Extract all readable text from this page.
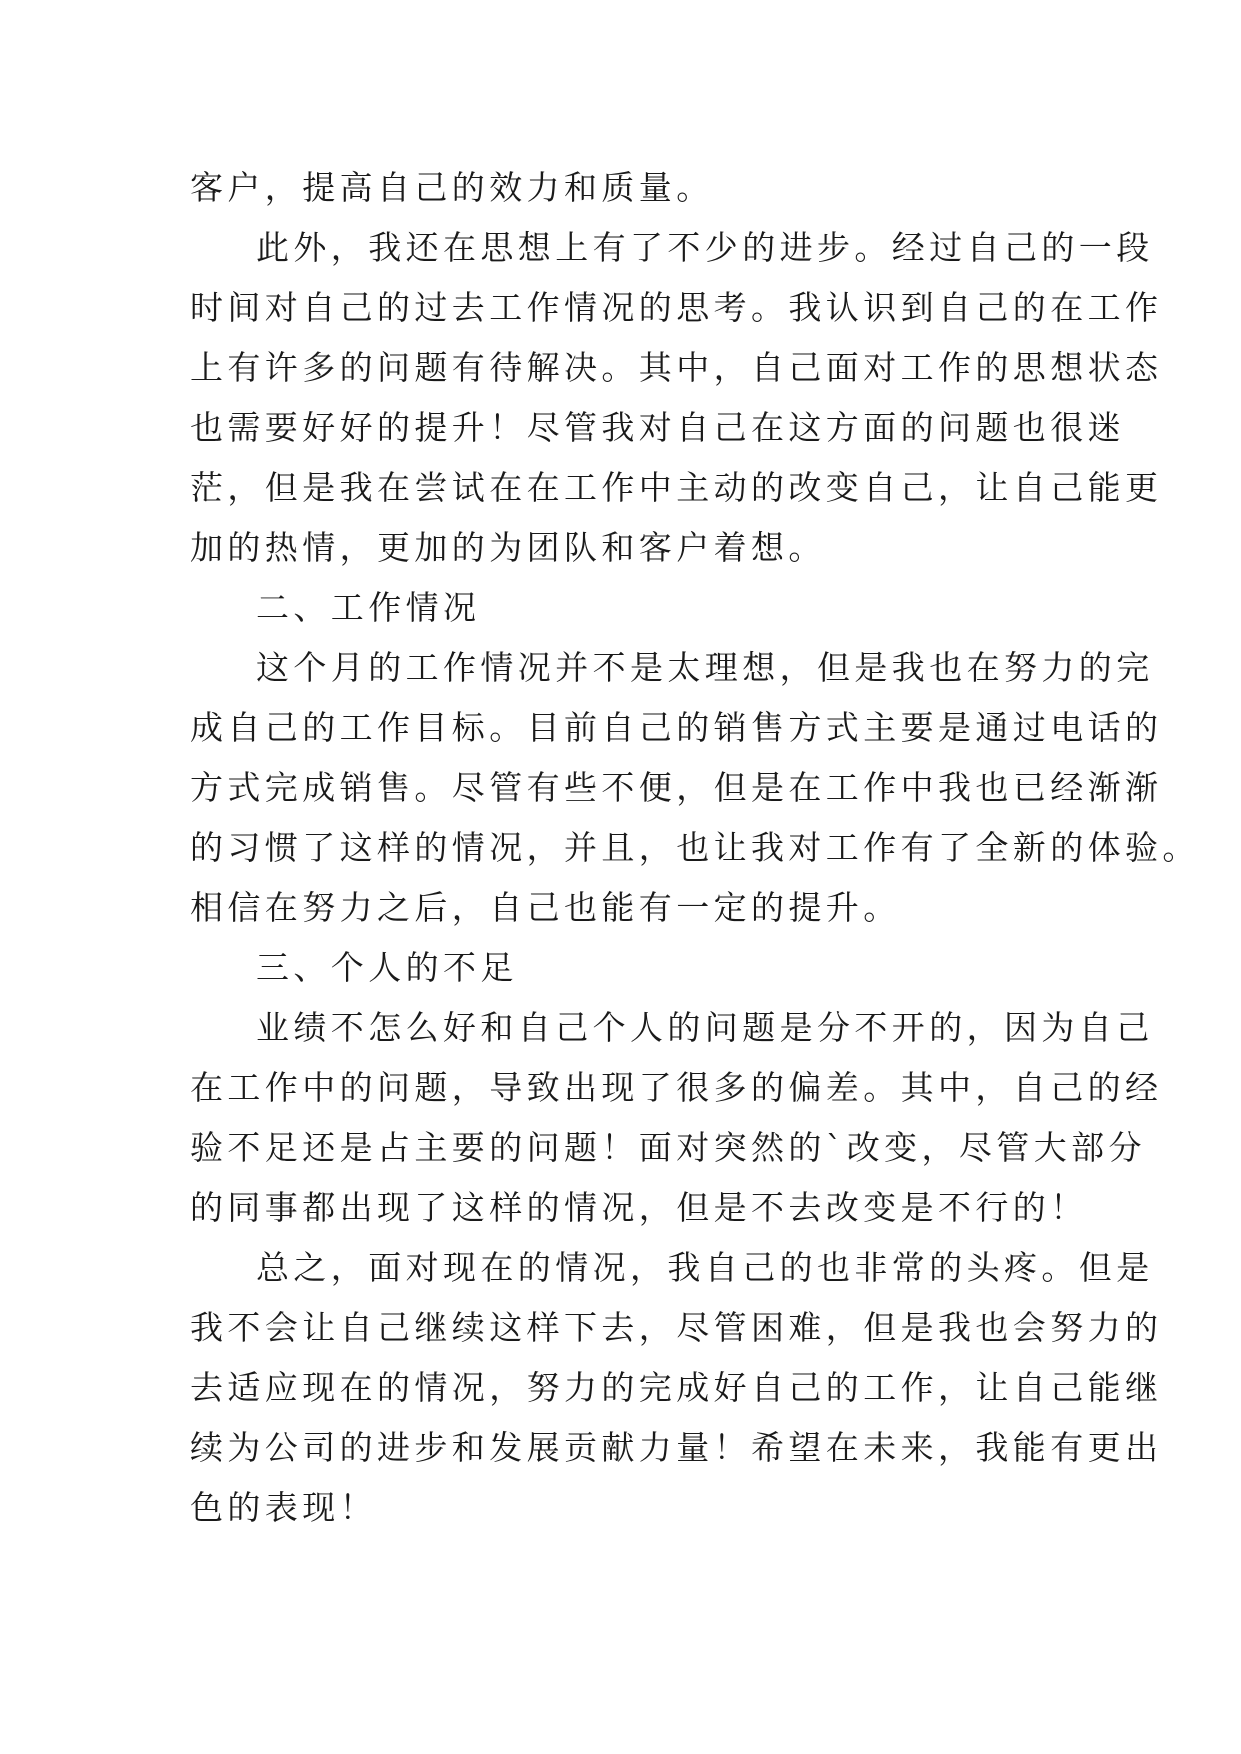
客户，提高自己的效力和质量。
此外，我还在思想上有了不少的进步。经过自己的一段
时间对自己的过去工作情况的思考。我认识到自己的在工作
上有许多的问题有待解决。其中，自己面对工作的思想状态
也需要好好的提升！尽管我对自己在这方面的问题也很迷
茫，但是我在尝试在在工作中主动的改变自己，让自己能更
加的热情，更加的为团队和客户着想。
二、工作情况
这个月的工作情况并不是太理想，但是我也在努力的完
成自己的工作目标。目前自己的销售方式主要是通过电话的
方式完成销售。尽管有些不便，但是在工作中我也已经渐渐
的习惯了这样的情况，并且，也让我对工作有了全新的体验。
相信在努力之后，自己也能有一定的提升。
三、个人的不足
业绩不怎么好和自己个人的问题是分不开的，因为自己
在工作中的问题，导致出现了很多的偏差。其中，自己的经
验不足还是占主要的问题！面对突然的`改变，尽管大部分
的同事都出现了这样的情况，但是不去改变是不行的！
总之，面对现在的情况，我自己的也非常的头疼。但是
我不会让自己继续这样下去，尽管困难，但是我也会努力的
去适应现在的情况，努力的完成好自己的工作，让自己能继
续为公司的进步和发展贡献力量！希望在未来，我能有更出
色的表现！
